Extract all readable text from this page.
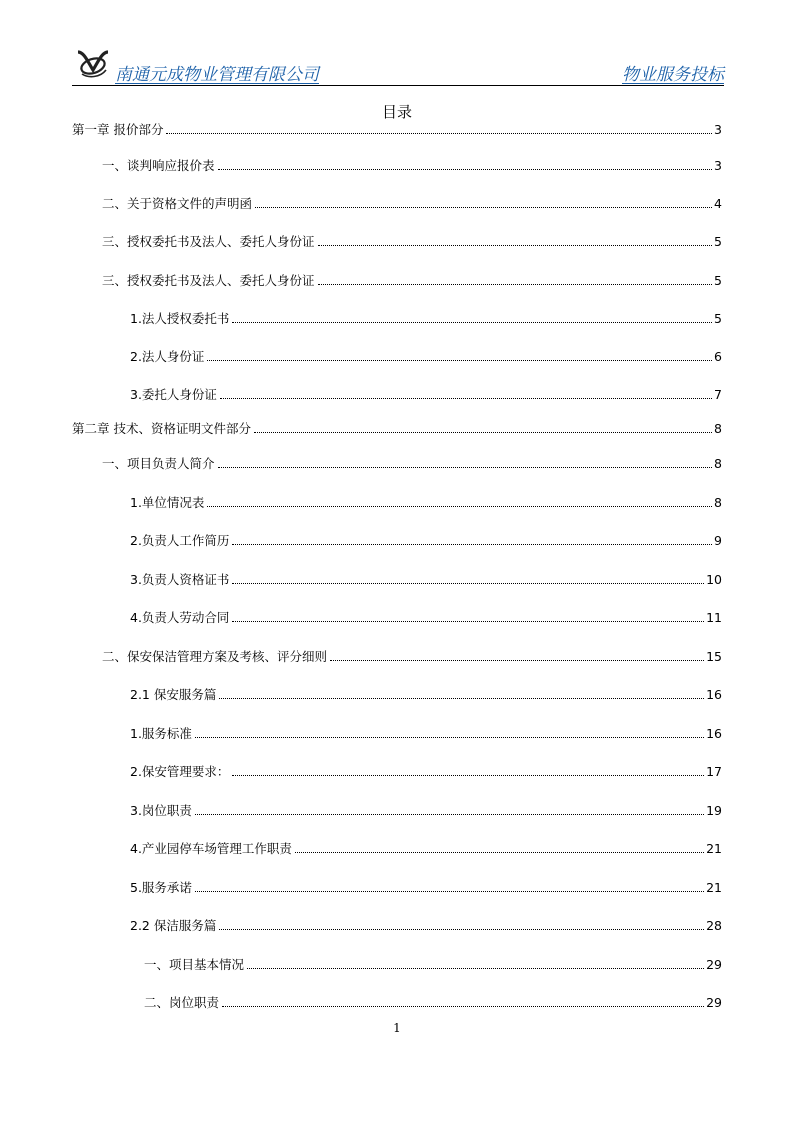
南通元成物业管理有限公司	物业服务投标
目录
第一章 报价部分	3
一、谈判响应报价表	3
二、关于资格文件的声明函	4
三、授权委托书及法人、委托人身份证	5
三、授权委托书及法人、委托人身份证	5
1.法人授权委托书	5
2.法人身份证	6
3.委托人身份证	7
第二章 技术、资格证明文件部分	8
一、项目负责人简介	8
1.单位情况表	8
2.负责人工作简历	9
3.负责人资格证书	10
4.负责人劳动合同	11
二、保安保洁管理方案及考核、评分细则	15
2.1 保安服务篇	16
1.服务标准	16
2.保安管理要求：	17
3.岗位职责	19
4.产业园停车场管理工作职责	21
5.服务承诺	21
2.2 保洁服务篇	28
一、项目基本情况	29
二、岗位职责	29
1
